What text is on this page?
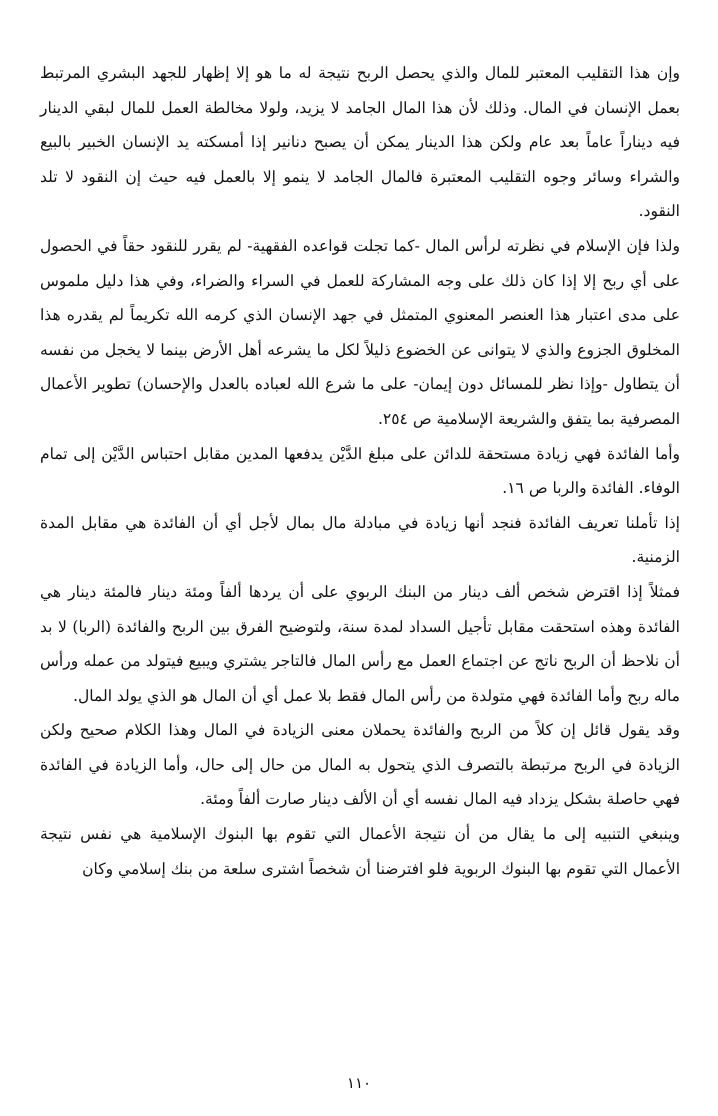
وإن هذا التقليب المعتبر للمال والذي يحصل الربح نتيجة له ما هو إلا إظهار للجهد البشري المرتبط بعمل الإنسان في المال. وذلك لأن هذا المال الجامد لا يزيد، ولولا مخالطة العمل للمال لبقي الدينار فيه ديناراً عاماً بعد عام ولكن هذا الدينار يمكن أن يصبح دنانير إذا أمسكته يد الإنسان الخبير بالبيع والشراء وسائر وجوه التقليب المعتبرة فالمال الجامد لا ينمو إلا بالعمل فيه حيث إن النقود لا تلد النقود.

ولذا فإن الإسلام في نظرته لرأس المال -كما تجلت قواعده الفقهية- لم يقرر للنقود حقاً في الحصول على أي ربح إلا إذا كان ذلك على وجه المشاركة للعمل في السراء والضراء، وفي هذا دليل ملموس على مدى اعتبار هذا العنصر المعنوي المتمثل في جهد الإنسان الذي كرمه الله تكريماً لم يقدره هذا المخلوق الجزوع والذي لا يتوانى عن الخضوع ذليلاً لكل ما يشرعه أهل الأرض بينما لا يخجل من نفسه أن يتطاول -وإذا نظر للمسائل دون إيمان- على ما شرع الله لعباده بالعدل والإحسان) تطوير الأعمال المصرفية بما يتفق والشريعة الإسلامية ص ٢٥٤.

وأما الفائدة فهي زيادة مستحقة للدائن على مبلغ الدَّيْن يدفعها المدين مقابل احتباس الدَّيْن إلى تمام الوفاء. الفائدة والربا ص ١٦.

إذا تأملنا تعريف الفائدة فنجد أنها زيادة في مبادلة مال بمال لأجل أي أن الفائدة هي مقابل المدة الزمنية.

فمثلاً إذا اقترض شخص ألف دينار من البنك الربوي على أن يردها ألفاً ومئة دينار فالمئة دينار هي الفائدة وهذه استحقت مقابل تأجيل السداد لمدة سنة، ولتوضيح الفرق بين الربح والفائدة (الربا) لا بد أن نلاحظ أن الربح ناتج عن اجتماع العمل مع رأس المال فالتاجر يشتري ويبيع فيتولد من عمله ورأس ماله ربح وأما الفائدة فهي متولدة من رأس المال فقط بلا عمل أي أن المال هو الذي يولد المال.

وقد يقول قائل إن كلاً من الربح والفائدة يحملان معنى الزيادة في المال وهذا الكلام صحيح ولكن الزيادة في الربح مرتبطة بالتصرف الذي يتحول به المال من حال إلى حال، وأما الزيادة في الفائدة فهي حاصلة بشكل يزداد فيه المال نفسه أي أن الألف دينار صارت ألفاً ومئة.

وينبغي التنبيه إلى ما يقال من أن نتيجة الأعمال التي تقوم بها البنوك الإسلامية هي نفس نتيجة الأعمال التي تقوم بها البنوك الربوية فلو افترضنا أن شخصاً اشترى سلعة من بنك إسلامي وكان

١١٠
